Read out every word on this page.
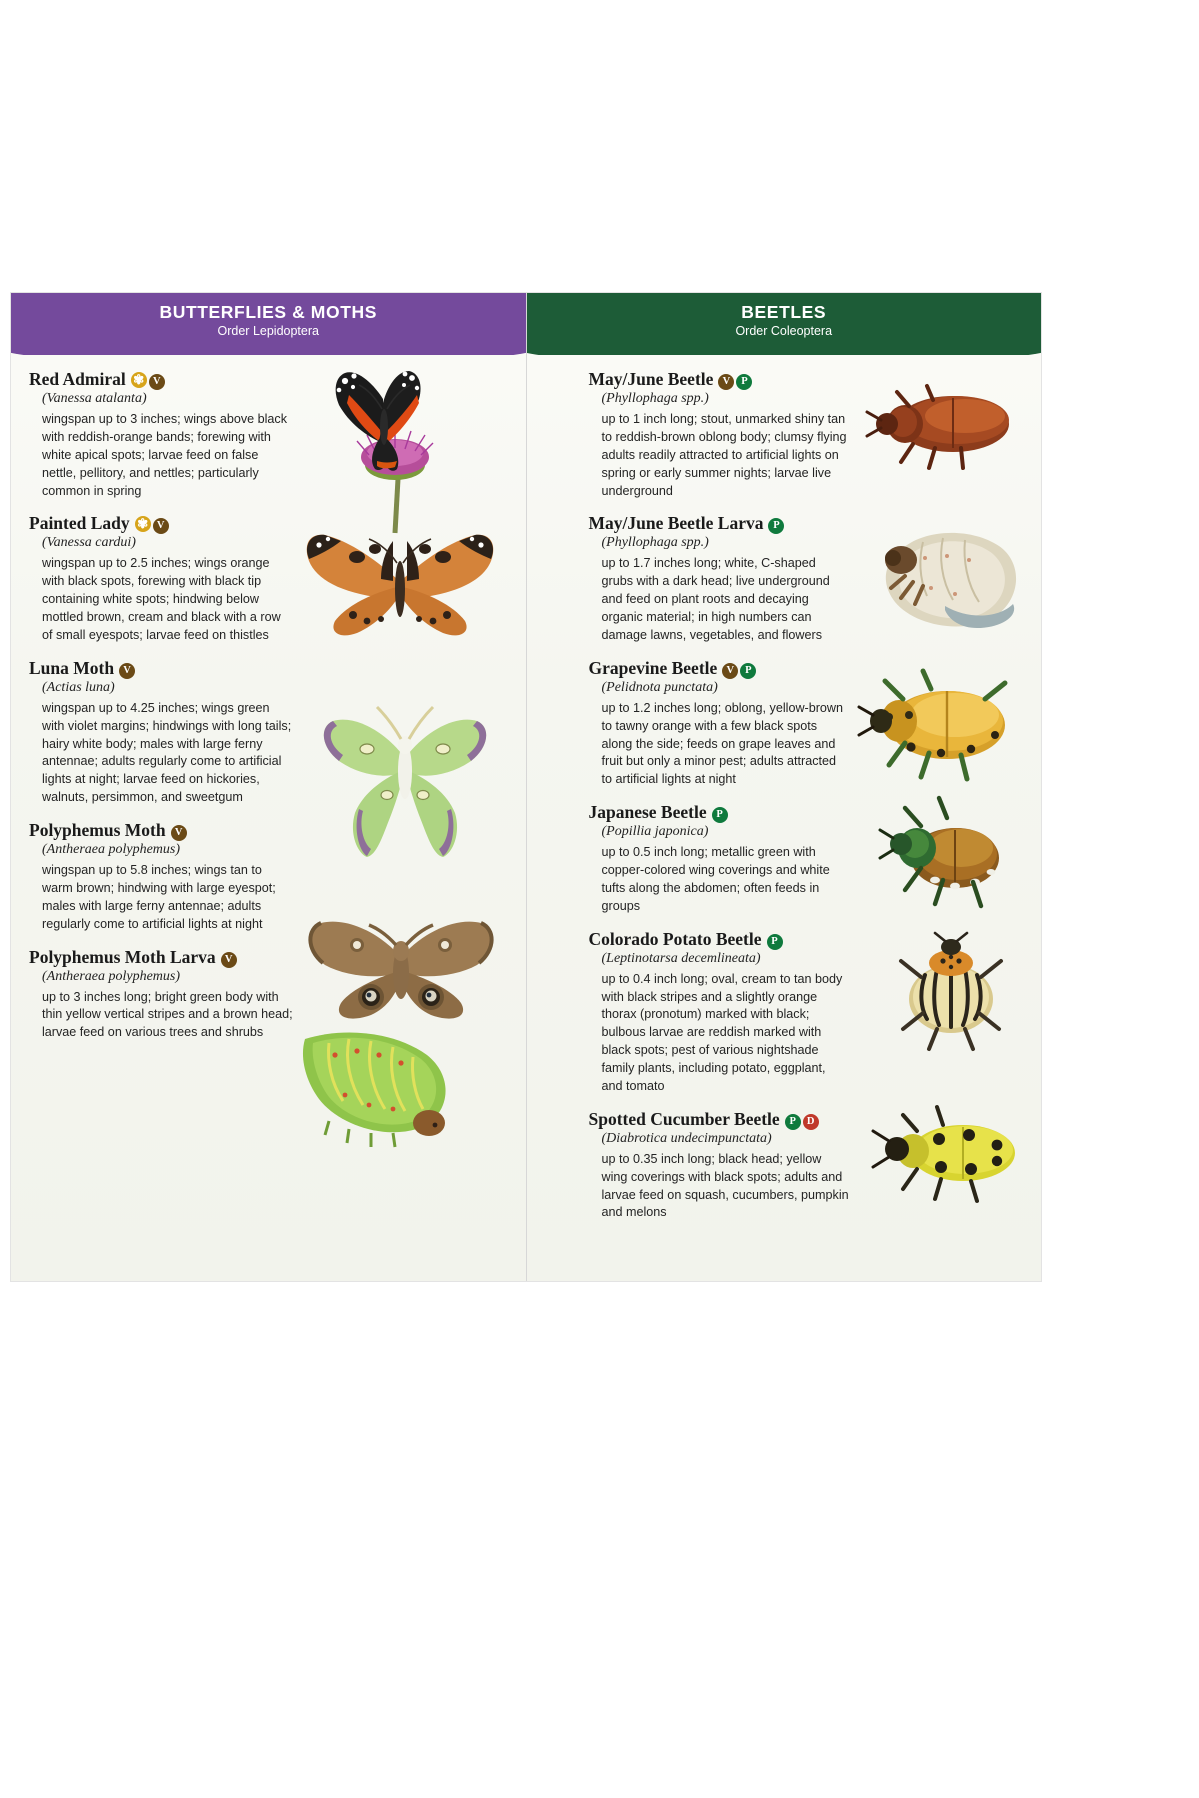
BUTTERFLIES & MOTHS
Order Lepidoptera
Red Admiral	V
(Vanessa atalanta)
wingspan up to 3 inches; wings above black with reddish-orange bands; forewing with white apical spots; larvae feed on false nettle, pellitory, and nettles; particularly common in spring
Painted Lady	V
(Vanessa cardui)
wingspan up to 2.5 inches; wings orange with black spots, forewing with black tip containing white spots; hindwing below mottled brown, cream and black with a row of small eyespots; larvae feed on thistles
Luna Moth V
(Actias luna)
wingspan up to 4.25 inches; wings green with violet margins; hindwings with long tails; hairy white body; males with large ferny antennae; adults regularly come to artificial lights at night; larvae feed on hickories, walnuts, persimmon, and sweetgum
Polyphemus Moth V
(Antheraea polyphemus)
wingspan up to 5.8 inches; wings tan to warm brown; hindwing with large eyespot; males with large ferny antennae; adults regularly come to artificial lights at night
Polyphemus Moth Larva V
(Antheraea polyphemus)
up to 3 inches long; bright green body with thin yellow vertical stripes and a brown head; larvae feed on various trees and shrubs
BEETLES
Order Coleoptera
May/June Beetle V P
(Phyllophaga spp.)
up to 1 inch long; stout, unmarked shiny tan to reddish-brown oblong body; clumsy flying adults readily attracted to artificial lights on spring or early summer nights; larvae live underground
May/June Beetle Larva P
(Phyllophaga spp.)
up to 1.7 inches long; white, C-shaped grubs with a dark head; live underground and feed on plant roots and decaying organic material; in high numbers can damage lawns, vegetables, and flowers
Grapevine Beetle V P
(Pelidnota punctata)
up to 1.2 inches long; oblong, yellow-brown to tawny orange with a few black spots along the side; feeds on grape leaves and fruit but only a minor pest; adults attracted to artificial lights at night
Japanese Beetle P
(Popillia japonica)
up to 0.5 inch long; metallic green with copper-colored wing coverings and white tufts along the abdomen; often feeds in groups
Colorado Potato Beetle P
(Leptinotarsa decemlineata)
up to 0.4 inch long; oval, cream to tan body with black stripes and a slightly orange thorax (pronotum) marked with black; bulbous larvae are reddish marked with black spots; pest of various nightshade family plants, including potato, eggplant, and tomato
Spotted Cucumber Beetle P D
(Diabrotica undecimpunctata)
up to 0.35 inch long; black head; yellow wing coverings with black spots; adults and larvae feed on squash, cucumbers, pumpkin and melons
